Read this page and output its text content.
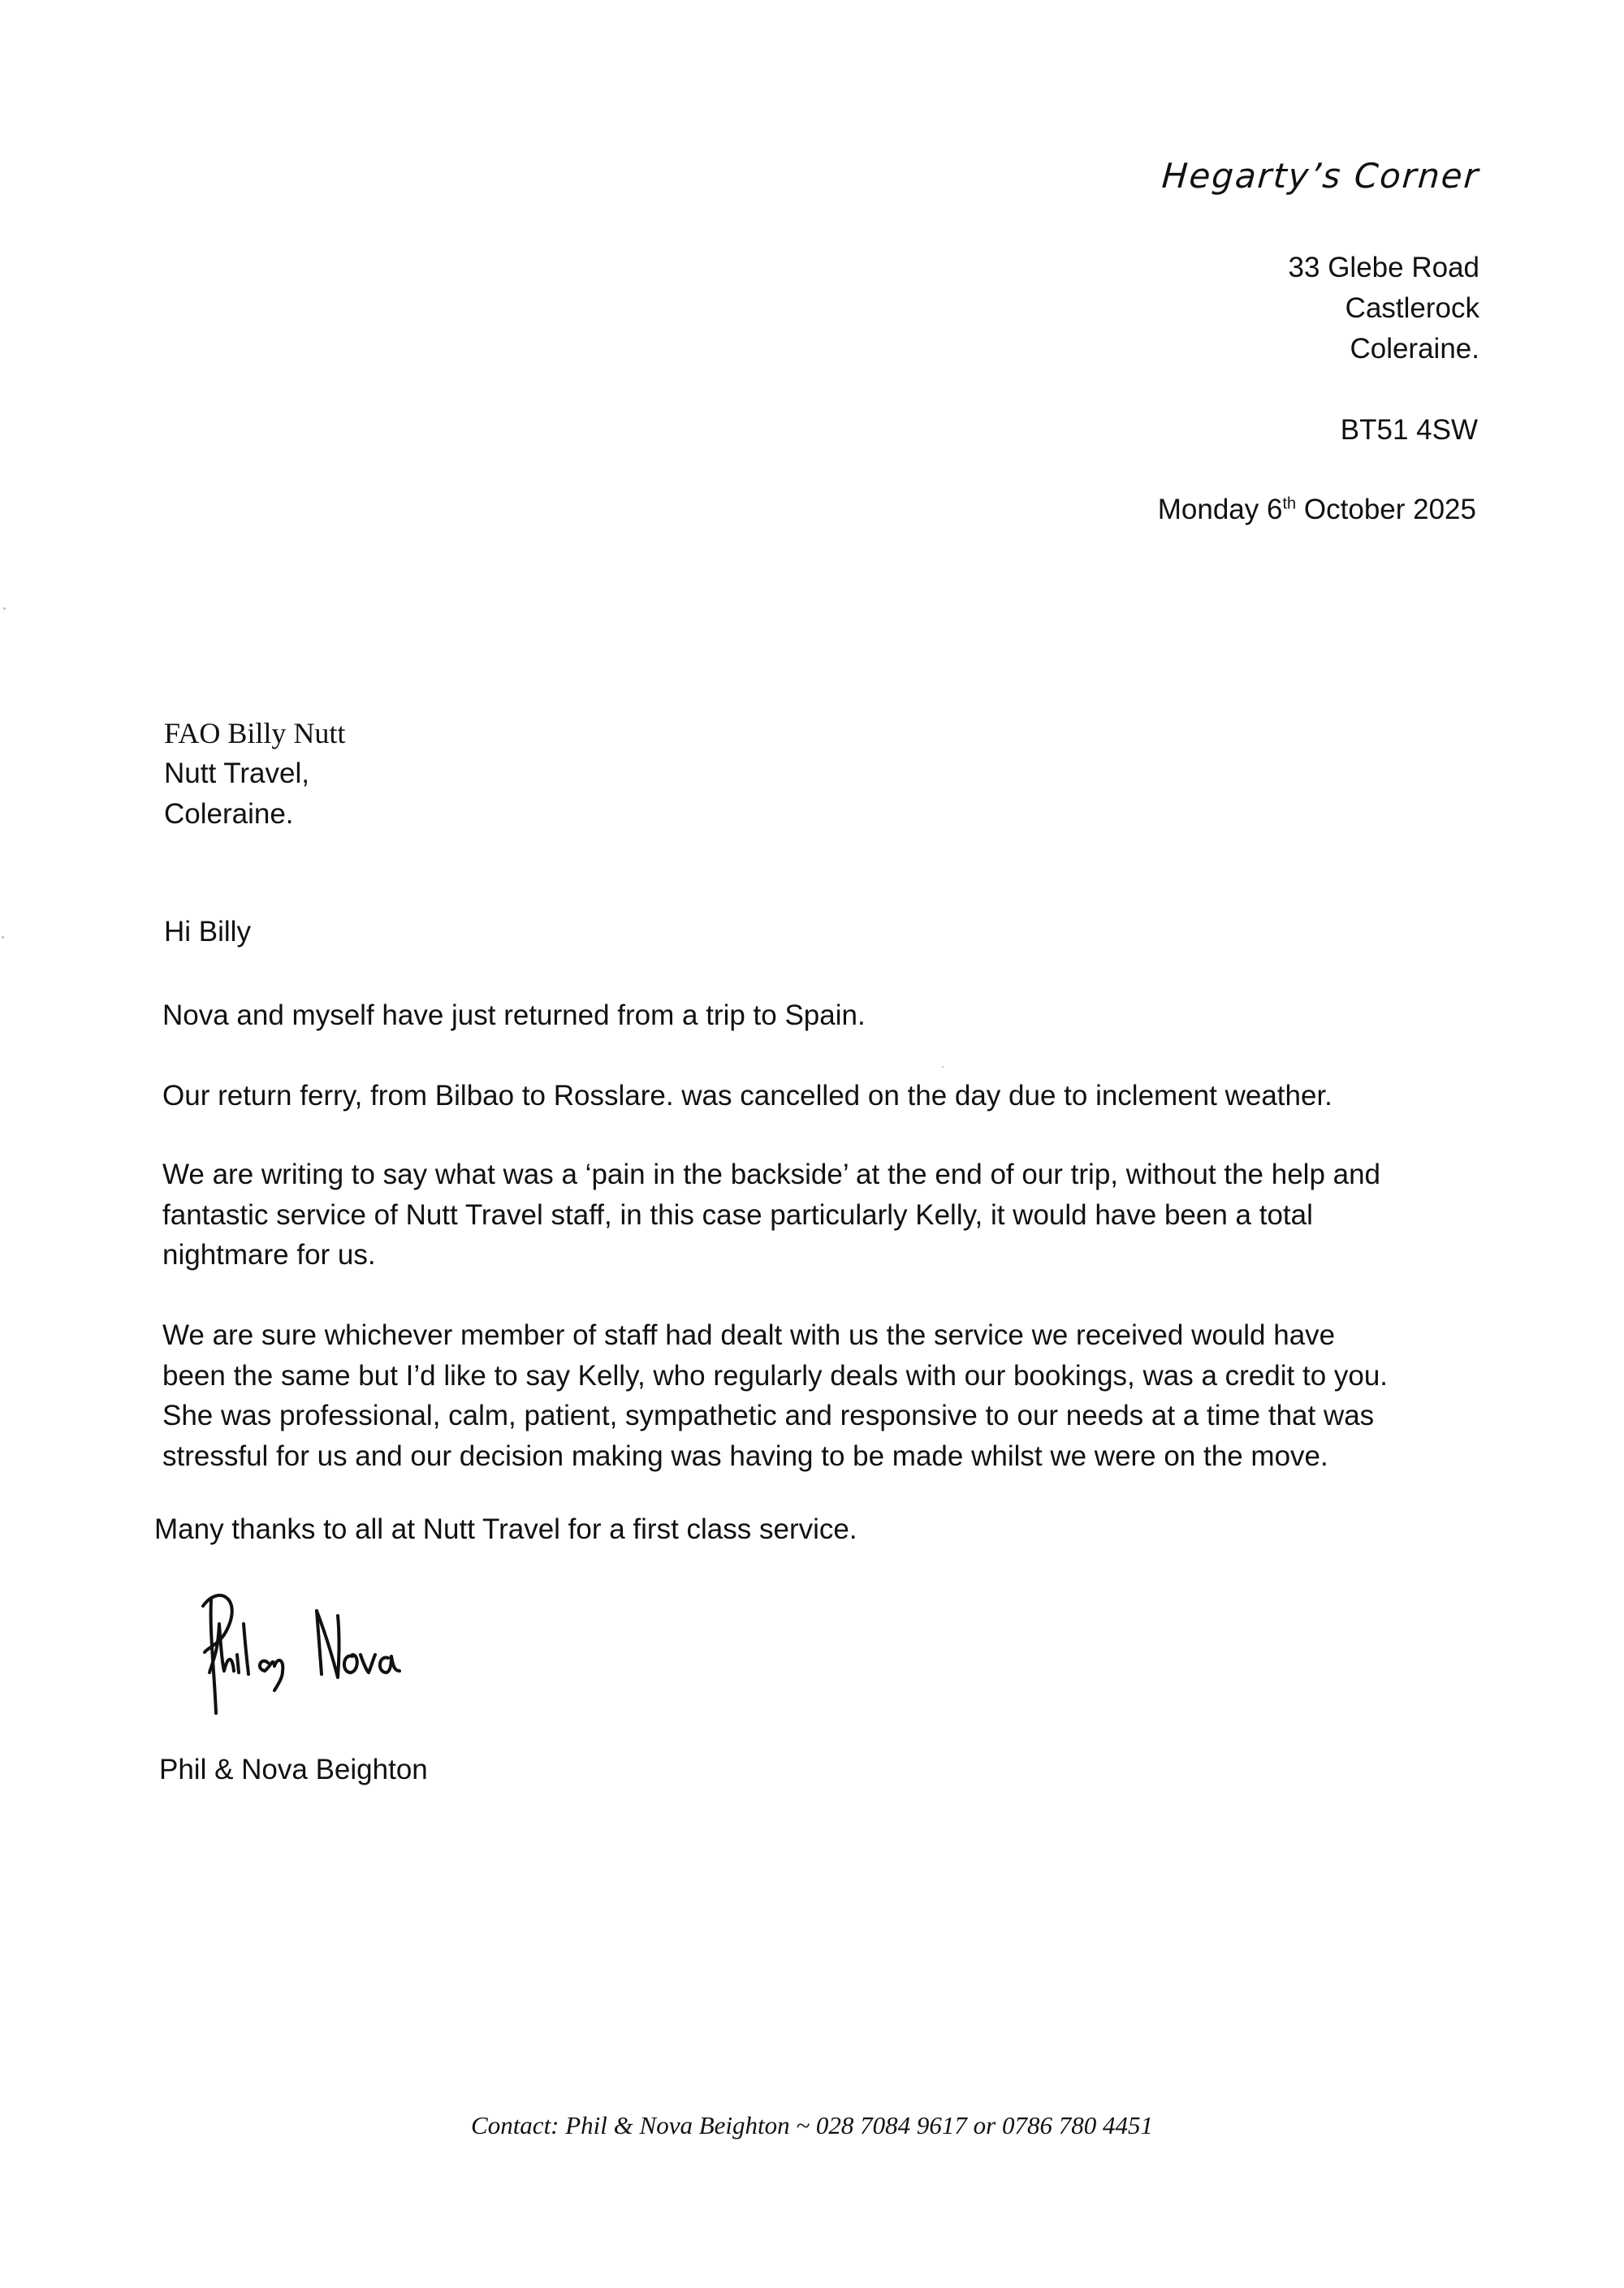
Hegarty’s Corner
33 Glebe Road
Castlerock
Coleraine.
BT51 4SW
Monday 6th October 2025
FAO Billy Nutt
Nutt Travel,
Coleraine.
Hi Billy
Nova and myself have just returned from a trip to Spain.
Our return ferry, from Bilbao to Rosslare. was cancelled on the day due to inclement weather.
We are writing to say what was a ‘pain in the backside’ at the end of our trip, without the help and
fantastic service of Nutt Travel staff, in this case particularly Kelly, it would have been a total
nightmare for us.
We are sure whichever member of staff had dealt with us the service we received would have
been the same but I’d like to say Kelly, who regularly deals with our bookings, was a credit to you.
She was professional, calm, patient, sympathetic and responsive to our needs at a time that was
stressful for us and our decision making was having to be made whilst we were on the move.
Many thanks to all at Nutt Travel for a first class service.
Phil & Nova Beighton
Contact: Phil & Nova Beighton ~ 028 7084 9617 or 0786 780 4451
